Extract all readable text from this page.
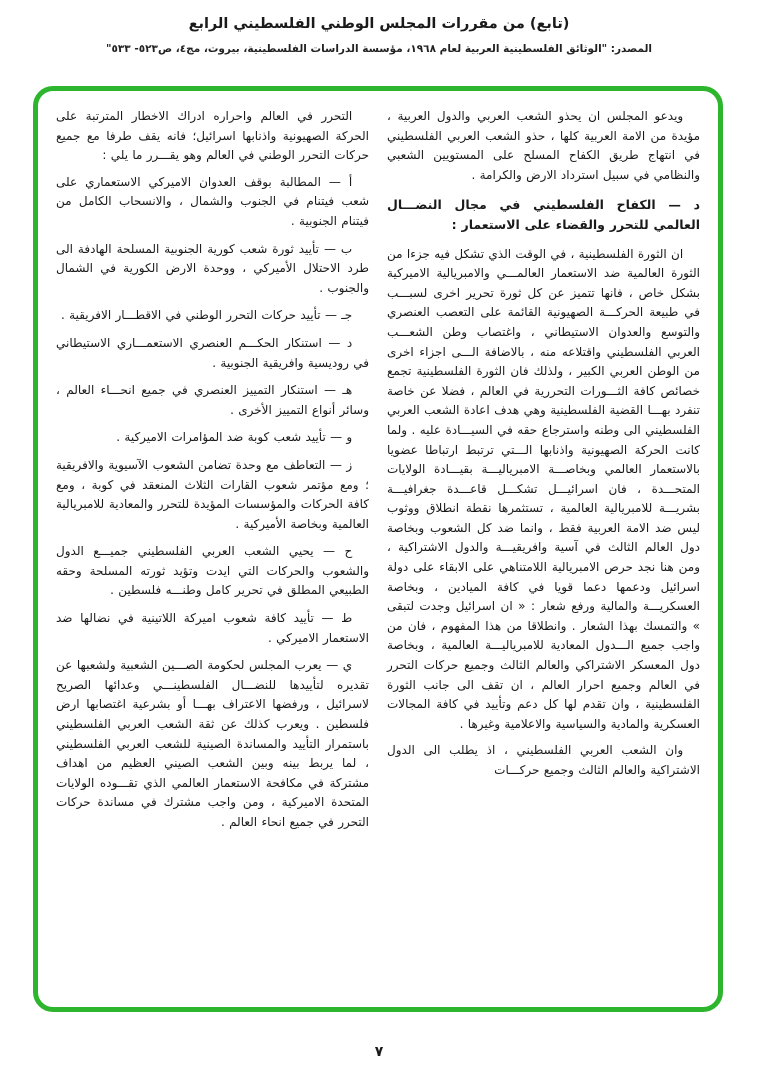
(تابع) من مقررات المجلس الوطني الفلسطيني الرابع
المصدر: "الوثائق الفلسطينية العربية لعام ١٩٦٨، مؤسسة الدراسات الفلسطينية، بيروت، مج٤، ص٥٢٣- ٥٣٣"

ويدعو المجلس ان يحذو الشعب العربي والدول العربية ، مؤيدة من الامة العربية كلها ، حذو الشعب العربي الفلسطيني في انتهاج طريق الكفاح المسلح على المستويين الشعبي والنظامي في سبيل استرداد الارض والكرامة .

د — الكفاح الفلسطيني في مجال النضـــال العالمي للتحرر والقضاء على الاستعمار :

ان الثورة الفلسطينية ، في الوقت الذي تشكل فيه جزءا من الثورة العالمية ضد الاستعمار العالمـــي والامبريالية الاميركية بشكل خاص ، فانها تتميز عن كل ثورة تحرير اخرى لسبـــب في طبيعة الحركـــة الصهيونية القائمة على التعصب العنصري والتوسع والعدوان الاستيطاني ، واغتصاب وطن الشعـــب العربي الفلسطيني واقتلاعه منه ، بالاضافة الـــى اجزاء اخرى من الوطن العربي الكبير ، ولذلك فان الثورة الفلسطينية تجمع خصائص كافة الثـــورات التحررية في العالم ، فضلا عن خاصة تنفرد بهـــا القضية الفلسطينية وهي هدف اعادة الشعب العربي الفلسطيني الى وطنه واسترجاع حقه في السيـــادة عليه . ولما كانت الحركة الصهيونية واذنابها الـــتي ترتبط ارتباطا عضويا بالاستعمار العالمي وبخاصـــة الامبرياليـــة بقيـــادة الولايات المتحـــدة ، فان اسرائيـــل تشكـــل قاعـــدة جغرافيـــة بشريـــة للامبريالية العالمية ، تستثمرها نقطة انطلاق ووثوب ليس ضد الامة العربية فقط ، وانما ضد كل الشعوب وبخاصة دول العالم الثالث في آسية وافريقيـــة والدول الاشتراكية ، ومن هنا نجد حرص الامبريالية اللامتناهي على الابقاء على دولة اسرائيل ودعمها دعما قويا في كافة الميادين ، وبخاصة العسكريـــة والمالية ورفع شعار : « ان اسرائيل وجدت لتبقى » والتمسك بهذا الشعار . وانطلاقا من هذا المفهوم ، فان من واجب جميع الـــدول المعادية للامبرياليـــة العالمية ، وبخاصة دول المعسكر الاشتراكي والعالم الثالث وجميع حركات التحرر في العالم وجميع احرار العالم ، ان تقف الى جانب الثورة الفلسطينية ، وان تقدم لها كل دعم وتأييد في كافة المجالات العسكرية والمادية والسياسية والاعلامية وغيرها .

وان الشعب العربي الفلسطيني ، اذ يطلب الى الدول الاشتراكية والعالم الثالث وجميع حركـــات

التحرر في العالم واحراره ادراك الاخطار المترتبة على الحركة الصهيونية واذنابها اسرائيل؛ فانه يقف طرفا مع جميع حركات التحرر الوطني في العالم وهو يقـــرر ما يلي :

أ — المطالبة بوقف العدوان الاميركي الاستعماري على شعب فيتنام في الجنوب والشمال ، والانسحاب الكامل من فيتنام الجنوبية .

ب — تأييد ثورة شعب كورية الجنوبية المسلحة الهادفة الى طرد الاحتلال الأميركي ، ووحدة الارض الكورية في الشمال والجنوب .

جـ — تأييد حركات التحرر الوطني في الاقطـــار الافريقية .

د — استنكار الحكـــم العنصري الاستعمـــاري الاستيطاني في روديسية وافريقية الجنوبية .

هـ — استنكار التمييز العنصري في جميع انحـــاء العالم ، وسائر أنواع التمييز الأخرى .

و — تأييد شعب كوبة ضد المؤامرات الاميركية .

ز — التعاطف مع وحدة تضامن الشعوب الآسيوية والافريقية ؛ ومع مؤتمر شعوب القارات الثلاث المنعقد في كوبة ، ومع كافة الحركات والمؤسسات المؤيدة للتحرر والمعادية للامبريالية العالمية وبخاصة الأميركية .

ح — يحيي الشعب العربي الفلسطيني جميـــع الدول والشعوب والحركات التي ايدت وتؤيد ثورته المسلحة وحقه الطبيعي المطلق في تحرير كامل وطنـــه فلسطين .

ط — تأييد كافة شعوب اميركة اللاتينية في نضالها ضد الاستعمار الاميركي .

ي — يعرب المجلس لحكومة الصـــين الشعبية ولشعبها عن تقديره لتأييدها للنضـــال الفلسطينـــي وعدائها الصريح لاسرائيل ، ورفضها الاعتراف بهـــا أو بشرعية اغتصابها ارض فلسطين . ويعرب كذلك عن ثقة الشعب العربي الفلسطيني باستمرار التأييد والمساندة الصينية للشعب العربي الفلسطيني ، لما يربط بينه وبين الشعب الصيني العظيم من اهداف مشتركة في مكافحة الاستعمار العالمي الذي تقـــوده الولايات المتحدة الاميركية ، ومن واجب مشترك في مساندة حركات التحرر في جميع انحاء العالم .

٧
